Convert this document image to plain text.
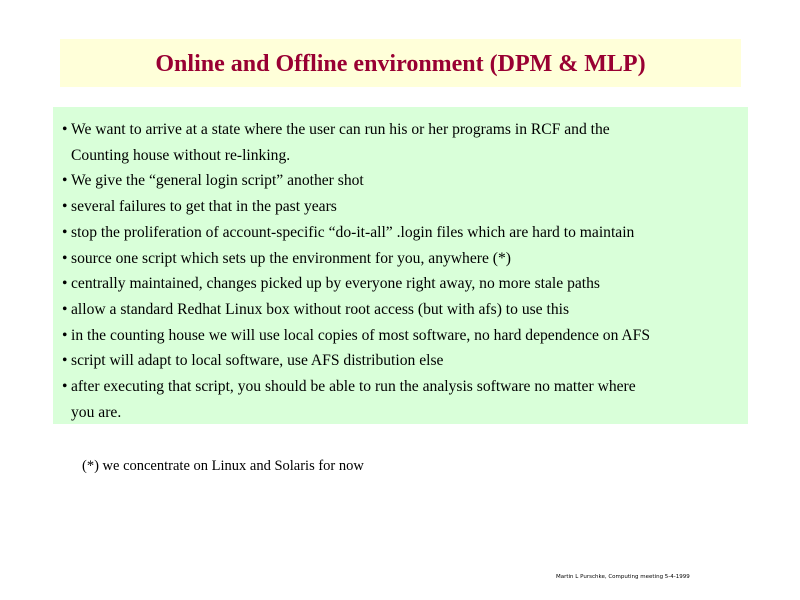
Online and Offline environment (DPM & MLP)
• We want to arrive at a state where the user can run his or her programs in RCF and the
Counting house without re-linking.
• We give the “general login script” another shot
• several failures to get that in the past years
• stop the proliferation of account-specific “do-it-all” .login files which are hard to maintain
• source one script which sets up the environment for you, anywhere (*)
• centrally maintained, changes picked up by everyone right away, no more stale paths
• allow a standard Redhat Linux box without root access (but with afs) to use this
• in the counting house we will use local copies of most software, no hard dependence on AFS
• script will adapt to local software, use AFS distribution else
• after executing that script, you should be able to run the analysis software no matter where
you are.
(*) we concentrate on Linux and Solaris for now
Martin L Purschke, Computing meeting 5-4-1999
